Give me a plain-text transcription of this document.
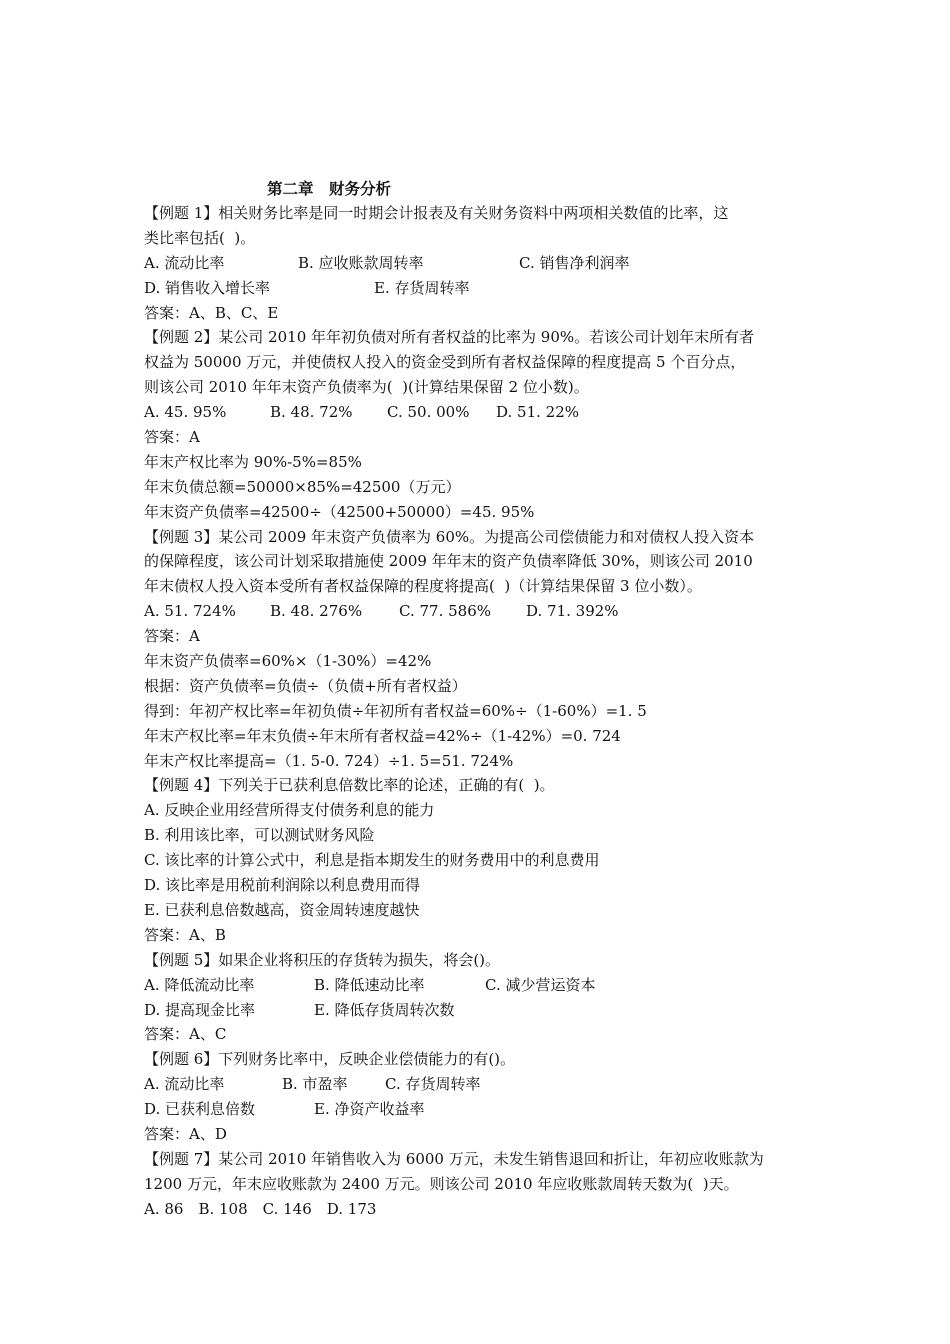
第二章　财务分析
【例题 1】相关财务比率是同一时期会计报表及有关财务资料中两项相关数值的比率，这
类比率包括(  )。

A. 流动比率

	B. 应收账款周转率

	C. 销售净利润率

D. 销售收入增长率

	E. 存货周转率

答案：A、B、C、E
【例题 2】某公司 2010 年年初负债对所有者权益的比率为 90%。若该公司计划年末所有者
权益为 50000 万元，并使债权人投入的资金受到所有者权益保障的程度提高 5 个百分点，
则该公司 2010 年年末资产负债率为(  )(计算结果保留 2 位小数)。

A. 45. 95%

	B. 48. 72%

C. 50. 00%

D. 51. 22%

答案：A
年末产权比率为 90%-5%=85%
年末负债总额=50000×85%=42500（万元）
年末资产负债率=42500÷（42500+50000）=45. 95%
【例题 3】某公司 2009 年末资产负债率为 60%。为提高公司偿债能力和对债权人投入资本
的保障程度，该公司计划采取措施使 2009 年年末的资产负债率降低 30%，则该公司 2010
年末债权人投入资本受所有者权益保障的程度将提高(  )（计算结果保留 3 位小数）。

A. 51. 724%

B. 48. 276%

C. 77. 586%

D. 71. 392%

答案：A
年末资产负债率=60%×（1-30%）=42%
根据：资产负债率=负债÷（负债+所有者权益）
得到：年初产权比率=年初负债÷年初所有者权益=60%÷（1-60%）=1. 5
年末产权比率=年末负债÷年末所有者权益=42%÷（1-42%）=0. 724
年末产权比率提高=（1. 5-0. 724）÷1. 5=51. 724%
【例题 4】下列关于已获利息倍数比率的论述，正确的有(  )。
A. 反映企业用经营所得支付债务利息的能力
B. 利用该比率，可以测试财务风险
C. 该比率的计算公式中，利息是指本期发生的财务费用中的利息费用
D. 该比率是用税前利润除以利息费用而得
E. 已获利息倍数越高，资金周转速度越快
答案：A、B
【例题 5】如果企业将积压的存货转为损失，将会()。

A. 降低流动比率

	B. 降低速动比率

	C. 减少营运资本

D. 提高现金比率

	E. 降低存货周转次数

答案：A、C
【例题 6】下列财务比率中，反映企业偿债能力的有()。

A. 流动比率

	B. 市盈率

C. 存货周转率

D. 已获利息倍数

	E. 净资产收益率

答案：A、D
【例题 7】某公司 2010 年销售收入为 6000 万元，未发生销售退回和折让，年初应收账款为
1200 万元，年末应收账款为 2400 万元。则该公司 2010 年应收账款周转天数为(  )天。
A. 86　B. 108　C. 146　D. 173
